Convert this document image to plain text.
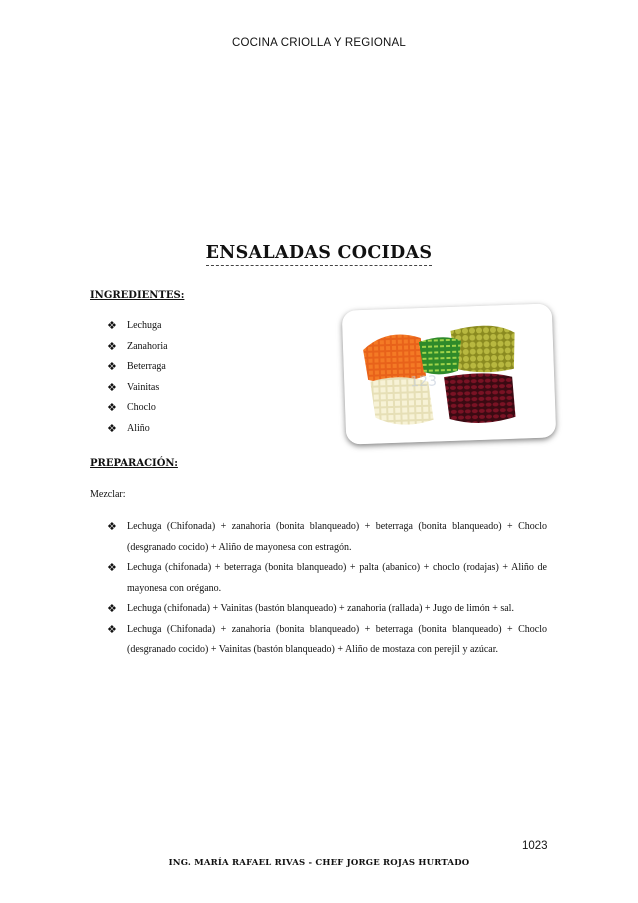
COCINA CRIOLLA Y REGIONAL
ENSALADAS COCIDAS
INGREDIENTES:
❖	Lechuga
❖	Zanahoria
❖	Beterraga
❖	Vainitas
❖	Choclo
❖	Aliño
123
PREPARACIÓN:
Mezclar:
❖	Lechuga (Chifonada) + zanahoria (bonita blanqueado) + beterraga (bonita blanqueado) + Choclo (desgranado cocido) + Aliño de mayonesa con estragón.
❖	Lechuga (chifonada) + beterraga (bonita blanqueado) + palta (abanico) + choclo (rodajas) + Aliño de mayonesa con orégano.
❖	Lechuga (chifonada) + Vainitas (bastón blanqueado) + zanahoria (rallada) + Jugo de limón + sal.
❖	Lechuga (Chifonada) + zanahoria (bonita blanqueado) + beterraga (bonita blanqueado) + Choclo (desgranado cocido) + Vainitas (bastón blanqueado) + Aliño de mostaza con perejil y azúcar.
1023
ING. MARÍA RAFAEL RIVAS - CHEF JORGE ROJAS HURTADO
